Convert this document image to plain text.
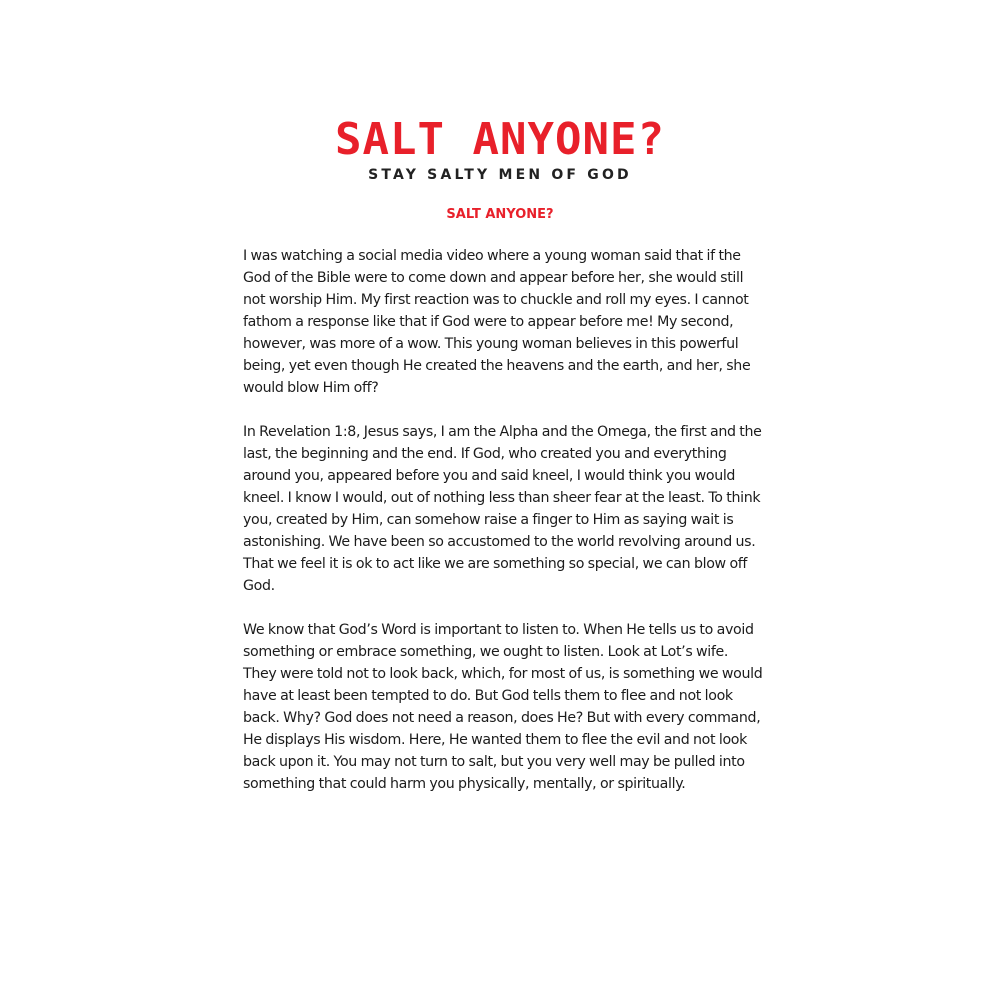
SALT ANYONE?

STAY SALTY MEN OF GOD

SALT ANYONE?

I was watching a social media video where a young woman said that if the God of the Bible were to come down and appear before her, she would still not worship Him. My first reaction was to chuckle and roll my eyes. I cannot fathom a response like that if God were to appear before me! My second, however, was more of a wow. This young woman believes in this powerful being, yet even though He created the heavens and the earth, and her, she would blow Him off?

In Revelation 1:8, Jesus says, I am the Alpha and the Omega, the first and the last, the beginning and the end. If God, who created you and everything around you, appeared before you and said kneel, I would think you would kneel. I know I would, out of nothing less than sheer fear at the least. To think you, created by Him, can somehow raise a finger to Him as saying wait is astonishing. We have been so accustomed to the world revolving around us. That we feel it is ok to act like we are something so special, we can blow off God.

We know that God’s Word is important to listen to. When He tells us to avoid something or embrace something, we ought to listen. Look at Lot’s wife. They were told not to look back, which, for most of us, is something we would have at least been tempted to do. But God tells them to flee and not look back. Why? God does not need a reason, does He? But with every command, He displays His wisdom. Here, He wanted them to flee the evil and not look back upon it. You may not turn to salt, but you very well may be pulled into something that could harm you physically, mentally, or spiritually.
